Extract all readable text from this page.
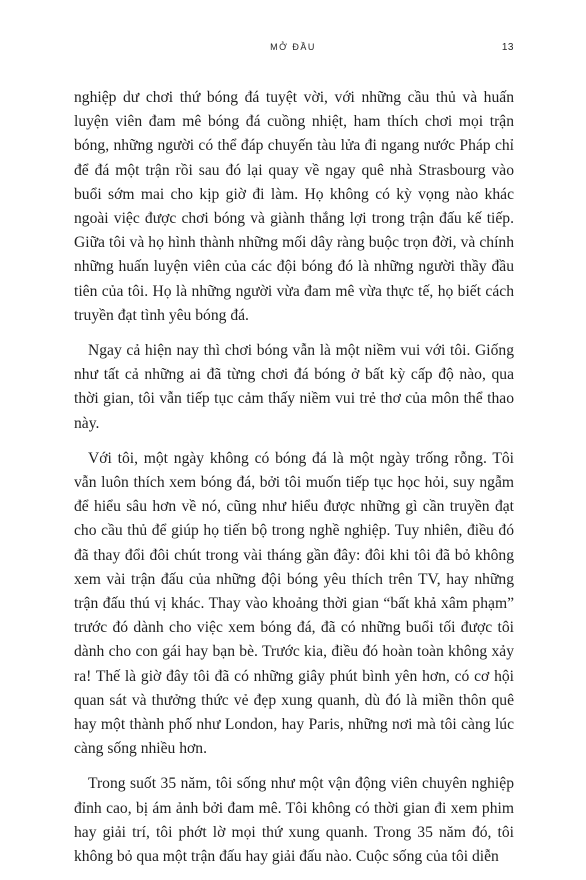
MỞ ĐẦU	13

nghiệp dư chơi thứ bóng đá tuyệt vời, với những cầu thủ và huấn luyện viên đam mê bóng đá cuồng nhiệt, ham thích chơi mọi trận bóng, những người có thể đáp chuyến tàu lửa đi ngang nước Pháp chỉ để đá một trận rồi sau đó lại quay về ngay quê nhà Strasbourg vào buổi sớm mai cho kịp giờ đi làm. Họ không có kỳ vọng nào khác ngoài việc được chơi bóng và giành thắng lợi trong trận đấu kế tiếp. Giữa tôi và họ hình thành những mối dây ràng buộc trọn đời, và chính những huấn luyện viên của các đội bóng đó là những người thầy đầu tiên của tôi. Họ là những người vừa đam mê vừa thực tế, họ biết cách truyền đạt tình yêu bóng đá.

Ngay cả hiện nay thì chơi bóng vẫn là một niềm vui với tôi. Giống như tất cả những ai đã từng chơi đá bóng ở bất kỳ cấp độ nào, qua thời gian, tôi vẫn tiếp tục cảm thấy niềm vui trẻ thơ của môn thể thao này.

Với tôi, một ngày không có bóng đá là một ngày trống rỗng. Tôi vẫn luôn thích xem bóng đá, bởi tôi muốn tiếp tục học hỏi, suy ngẫm để hiểu sâu hơn về nó, cũng như hiểu được những gì cần truyền đạt cho cầu thủ để giúp họ tiến bộ trong nghề nghiệp. Tuy nhiên, điều đó đã thay đổi đôi chút trong vài tháng gần đây: đôi khi tôi đã bỏ không xem vài trận đấu của những đội bóng yêu thích trên TV, hay những trận đấu thú vị khác. Thay vào khoảng thời gian “bất khả xâm phạm” trước đó dành cho việc xem bóng đá, đã có những buổi tối được tôi dành cho con gái hay bạn bè. Trước kia, điều đó hoàn toàn không xảy ra! Thế là giờ đây tôi đã có những giây phút bình yên hơn, có cơ hội quan sát và thưởng thức vẻ đẹp xung quanh, dù đó là miền thôn quê hay một thành phố như London, hay Paris, những nơi mà tôi càng lúc càng sống nhiều hơn.

Trong suốt 35 năm, tôi sống như một vận động viên chuyên nghiệp đỉnh cao, bị ám ảnh bởi đam mê. Tôi không có thời gian đi xem phim hay giải trí, tôi phớt lờ mọi thứ xung quanh. Trong 35 năm đó, tôi không bỏ qua một trận đấu hay giải đấu nào. Cuộc sống của tôi diễn
